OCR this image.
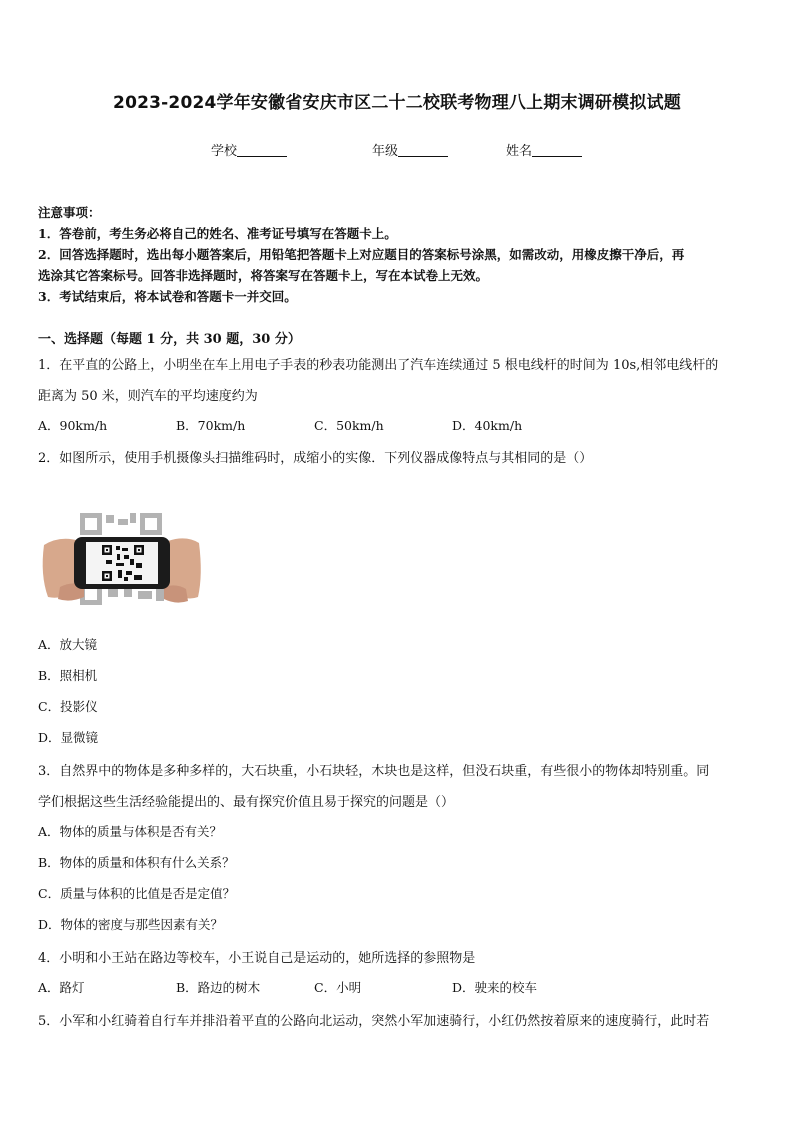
2023-2024学年安徽省安庆市区二十二校联考物理八上期末调研模拟试题
学校	年级	姓名

注意事项：

1．答卷前，考生务必将自己的姓名、准考证号填写在答题卡上。

2．回答选择题时，选出每小题答案后，用铅笔把答题卡上对应题目的答案标号涂黑，如需改动，用橡皮擦干净后，再

选涂其它答案标号。回答非选择题时，将答案写在答题卡上，写在本试卷上无效。

3．考试结束后，将本试卷和答题卡一并交回。

一、选择题（每题 1 分，共 30 题，30 分）
1．在平直的公路上，小明坐在车上用电子手表的秒表功能测出了汽车连续通过 5 根电线杆的时间为 10s,相邻电线杆的
距离为 50 米，则汽车的平均速度约为
A．90km/h	B．70km/h	C．50km/h	D．40km/h
2．如图所示，使用手机摄像头扫描维码时，成缩小的实像．下列仪器成像特点与其相同的是（）
A．放大镜
B．照相机
C．投影仪
D．显微镜
3．自然界中的物体是多种多样的，大石块重，小石块轻，木块也是这样，但没石块重，有些很小的物体却特别重。同
学们根据这些生活经验能提出的、最有探究价值且易于探究的问题是（）
A．物体的质量与体积是否有关？
B．物体的质量和体积有什么关系？
C．质量与体积的比值是否是定值？
D．物体的密度与那些因素有关？
4．小明和小王站在路边等校车，小王说自己是运动的，她所选择的参照物是
A．路灯	B．路边的树木	C．小明	D．驶来的校车
5．小军和小红骑着自行车并排沿着平直的公路向北运动，突然小军加速骑行，小红仍然按着原来的速度骑行，此时若
